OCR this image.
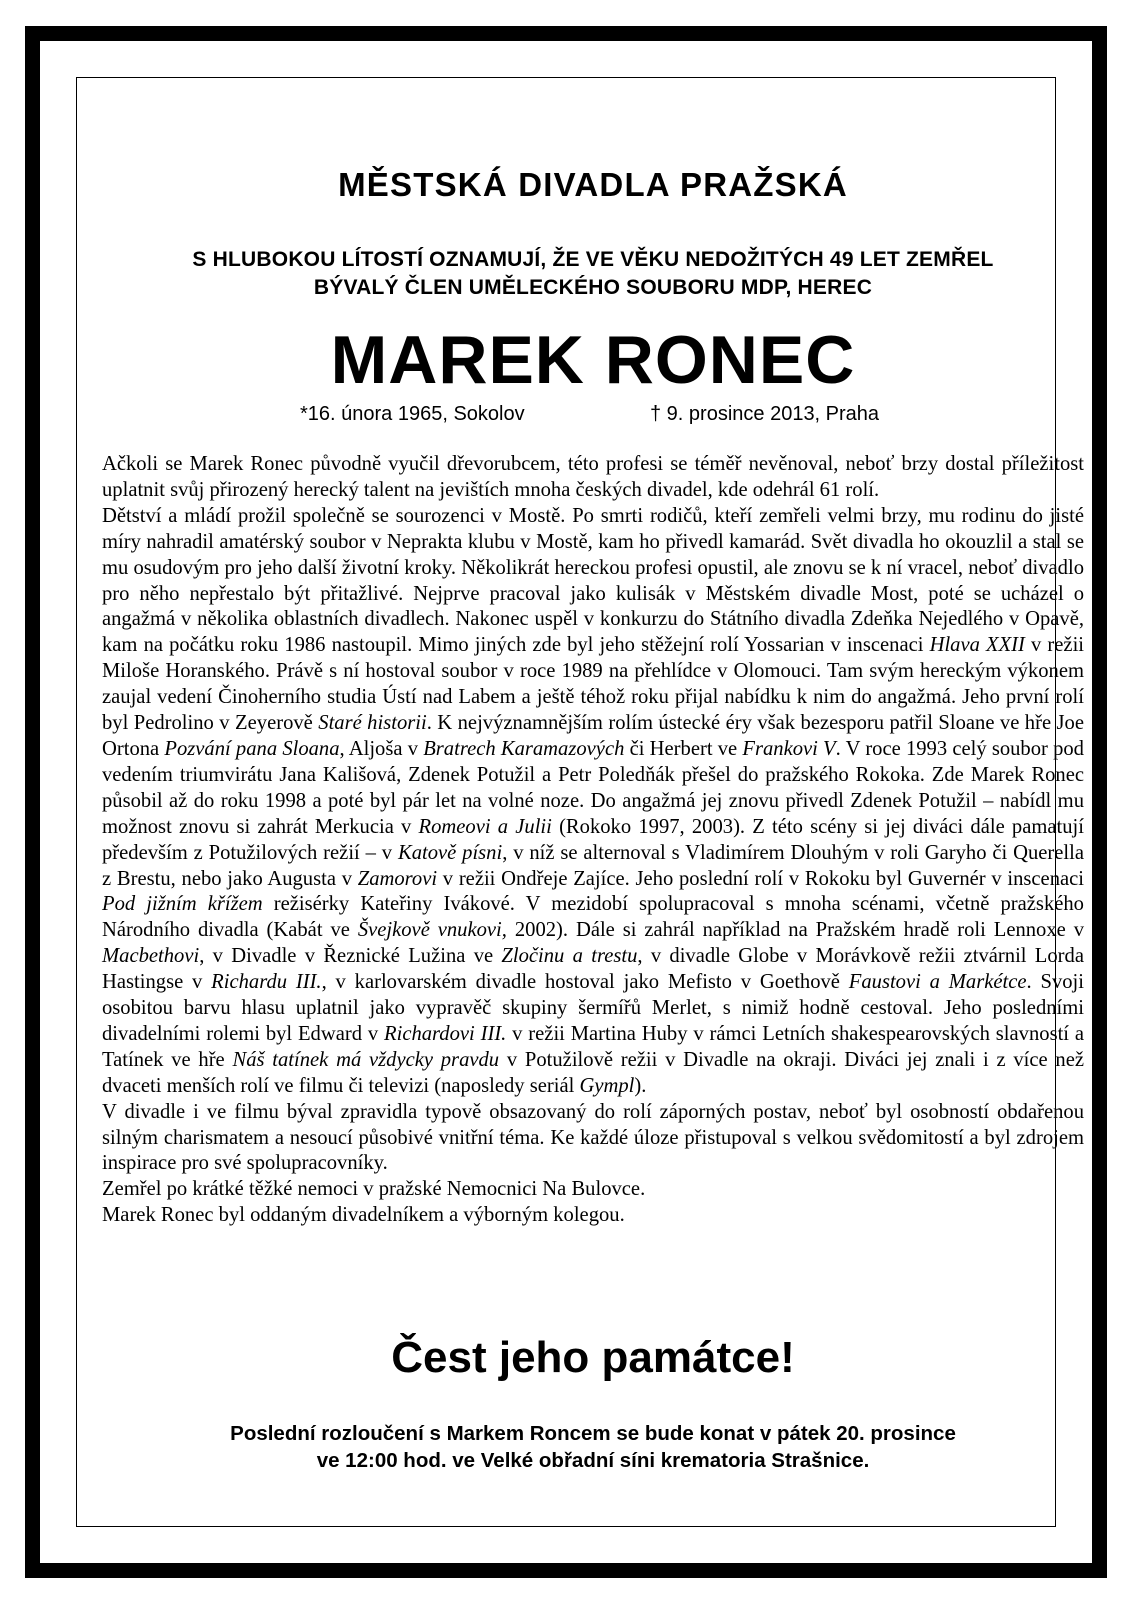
MĚSTSKÁ DIVADLA PRAŽSKÁ
S HLUBOKOU LÍTOSTÍ OZNAMUJÍ, ŽE VE VĚKU NEDOŽITÝCH 49 LET ZEMŘEL
BÝVALÝ ČLEN UMĚLECKÉHO SOUBORU MDP, HEREC
MAREK RONEC
*16. února 1965, Sokolov	† 9. prosince 2013, Praha

Ačkoli se Marek Ronec původně vyučil dřevorubcem, této profesi se téměř nevěnoval, neboť brzy dostal příležitost uplatnit svůj přirozený herecký talent na jevištích mnoha českých divadel, kde odehrál 61 rolí.

Dětství a mládí prožil společně se sourozenci v Mostě. Po smrti rodičů, kteří zemřeli velmi brzy, mu rodinu do jisté míry nahradil amatérský soubor v Neprakta klubu v Mostě, kam ho přivedl kamarád. Svět divadla ho okouzlil a stal se mu osudovým pro jeho další životní kroky. Několikrát hereckou profesi opustil, ale znovu se k ní vracel, neboť divadlo pro něho nepřestalo být přitažlivé. Nejprve pracoval jako kulisák v Městském divadle Most, poté se ucházel o angažmá v několika oblastních divadlech. Nakonec uspěl v konkurzu do Státního divadla Zdeňka Nejedlého v Opavě, kam na počátku roku 1986 nastoupil. Mimo jiných zde byl jeho stěžejní rolí Yossarian v inscenaci Hlava XXII v režii Miloše Horanského. Právě s ní hostoval soubor v roce 1989 na přehlídce v Olomouci. Tam svým hereckým výkonem zaujal vedení Činoherního studia Ústí nad Labem a ještě téhož roku přijal nabídku k nim do angažmá. Jeho první rolí byl Pedrolino v Zeyerově Staré historii. K nejvýznamnějším rolím ústecké éry však bezesporu patřil Sloane ve hře Joe Ortona Pozvání pana Sloana, Aljoša v Bratrech Karamazových či Herbert ve Frankovi V. V roce 1993 celý soubor pod vedením triumvirátu Jana Kališová, Zdenek Potužil a Petr Poledňák přešel do pražského Rokoka. Zde Marek Ronec působil až do roku 1998 a poté byl pár let na volné noze. Do angažmá jej znovu přivedl Zdenek Potužil – nabídl mu možnost znovu si zahrát Merkucia v Romeovi a Julii (Rokoko 1997, 2003). Z této scény si jej diváci dále pamatují především z Potužilových režií – v Katově písni, v níž se alternoval s Vladimírem Dlouhým v roli Garyho či Querella z Brestu, nebo jako Augusta v Zamorovi v režii Ondřeje Zajíce. Jeho poslední rolí v Rokoku byl Guvernér v inscenaci Pod jižním křížem režisérky Kateřiny Ivákové. V mezidobí spolupracoval s mnoha scénami, včetně pražského Národního divadla (Kabát ve Švejkově vnukovi, 2002). Dále si zahrál například na Pražském hradě roli Lennoxe v Macbethovi, v Divadle v Řeznické Lužina ve Zločinu a trestu, v divadle Globe v Morávkově režii ztvárnil Lorda Hastingse v Richardu III., v karlovarském divadle hostoval jako Mefisto v Goethově Faustovi a Markétce. Svoji osobitou barvu hlasu uplatnil jako vypravěč skupiny šermířů Merlet, s nimiž hodně cestoval. Jeho posledními divadelními rolemi byl Edward v Richardovi III. v režii Martina Huby v rámci Letních shakespearovských slavností a Tatínek ve hře Náš tatínek má vždycky pravdu v Potužilově režii v Divadle na okraji. Diváci jej znali i z více než dvaceti menších rolí ve filmu či televizi (naposledy seriál Gympl).

V divadle i ve filmu býval zpravidla typově obsazovaný do rolí záporných postav, neboť byl osobností obdařenou silným charismatem a nesoucí působivé vnitřní téma. Ke každé úloze přistupoval s velkou svědomitostí a byl zdrojem inspirace pro své spolupracovníky.

Zemřel po krátké těžké nemoci v pražské Nemocnici Na Bulovce.

Marek Ronec byl oddaným divadelníkem a výborným kolegou.

Čest jeho památce!
Poslední rozloučení s Markem Roncem se bude konat v pátek 20. prosince
ve 12:00 hod. ve Velké obřadní síni krematoria Strašnice.
